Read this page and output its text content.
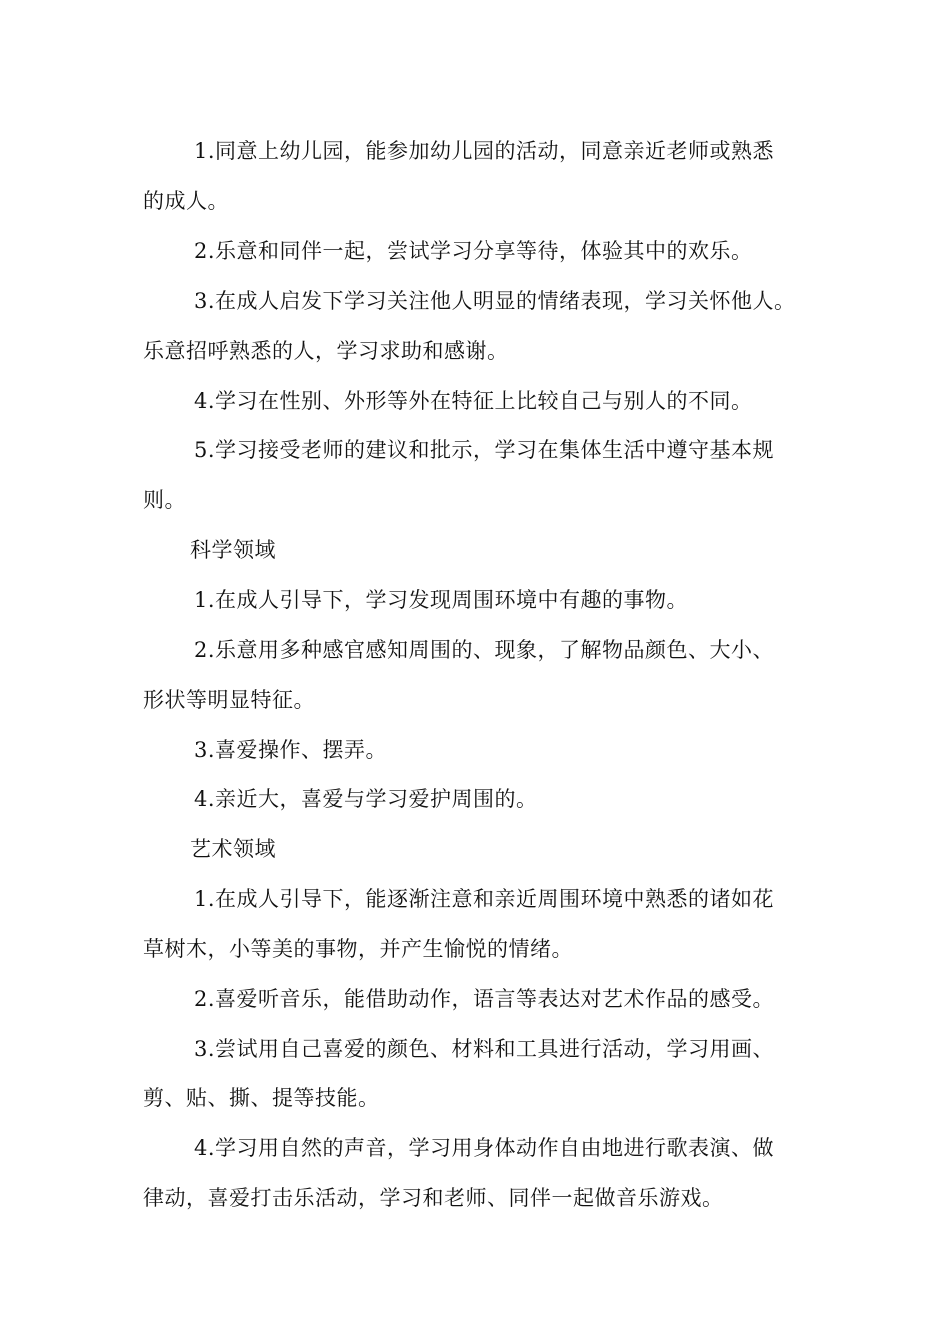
1.同意上幼儿园，能参加幼儿园的活动，同意亲近老师或熟悉
的成人。
2.乐意和同伴一起，尝试学习分享等待，体验其中的欢乐。
3.在成人启发下学习关注他人明显的情绪表现，学习关怀他人。
乐意招呼熟悉的人，学习求助和感谢。
4.学习在性别、外形等外在特征上比较自己与别人的不同。
5.学习接受老师的建议和批示，学习在集体生活中遵守基本规
则。
科学领域
1.在成人引导下，学习发现周围环境中有趣的事物。
2.乐意用多种感官感知周围的、现象，了解物品颜色、大小、
形状等明显特征。
3.喜爱操作、摆弄。
4.亲近大，喜爱与学习爱护周围的。
艺术领域
1.在成人引导下，能逐渐注意和亲近周围环境中熟悉的诸如花
草树木，小等美的事物，并产生愉悦的情绪。
2.喜爱听音乐，能借助动作，语言等表达对艺术作品的感受。
3.尝试用自己喜爱的颜色、材料和工具进行活动，学习用画、
剪、贴、撕、提等技能。
4.学习用自然的声音，学习用身体动作自由地进行歌表演、做
律动，喜爱打击乐活动，学习和老师、同伴一起做音乐游戏。
